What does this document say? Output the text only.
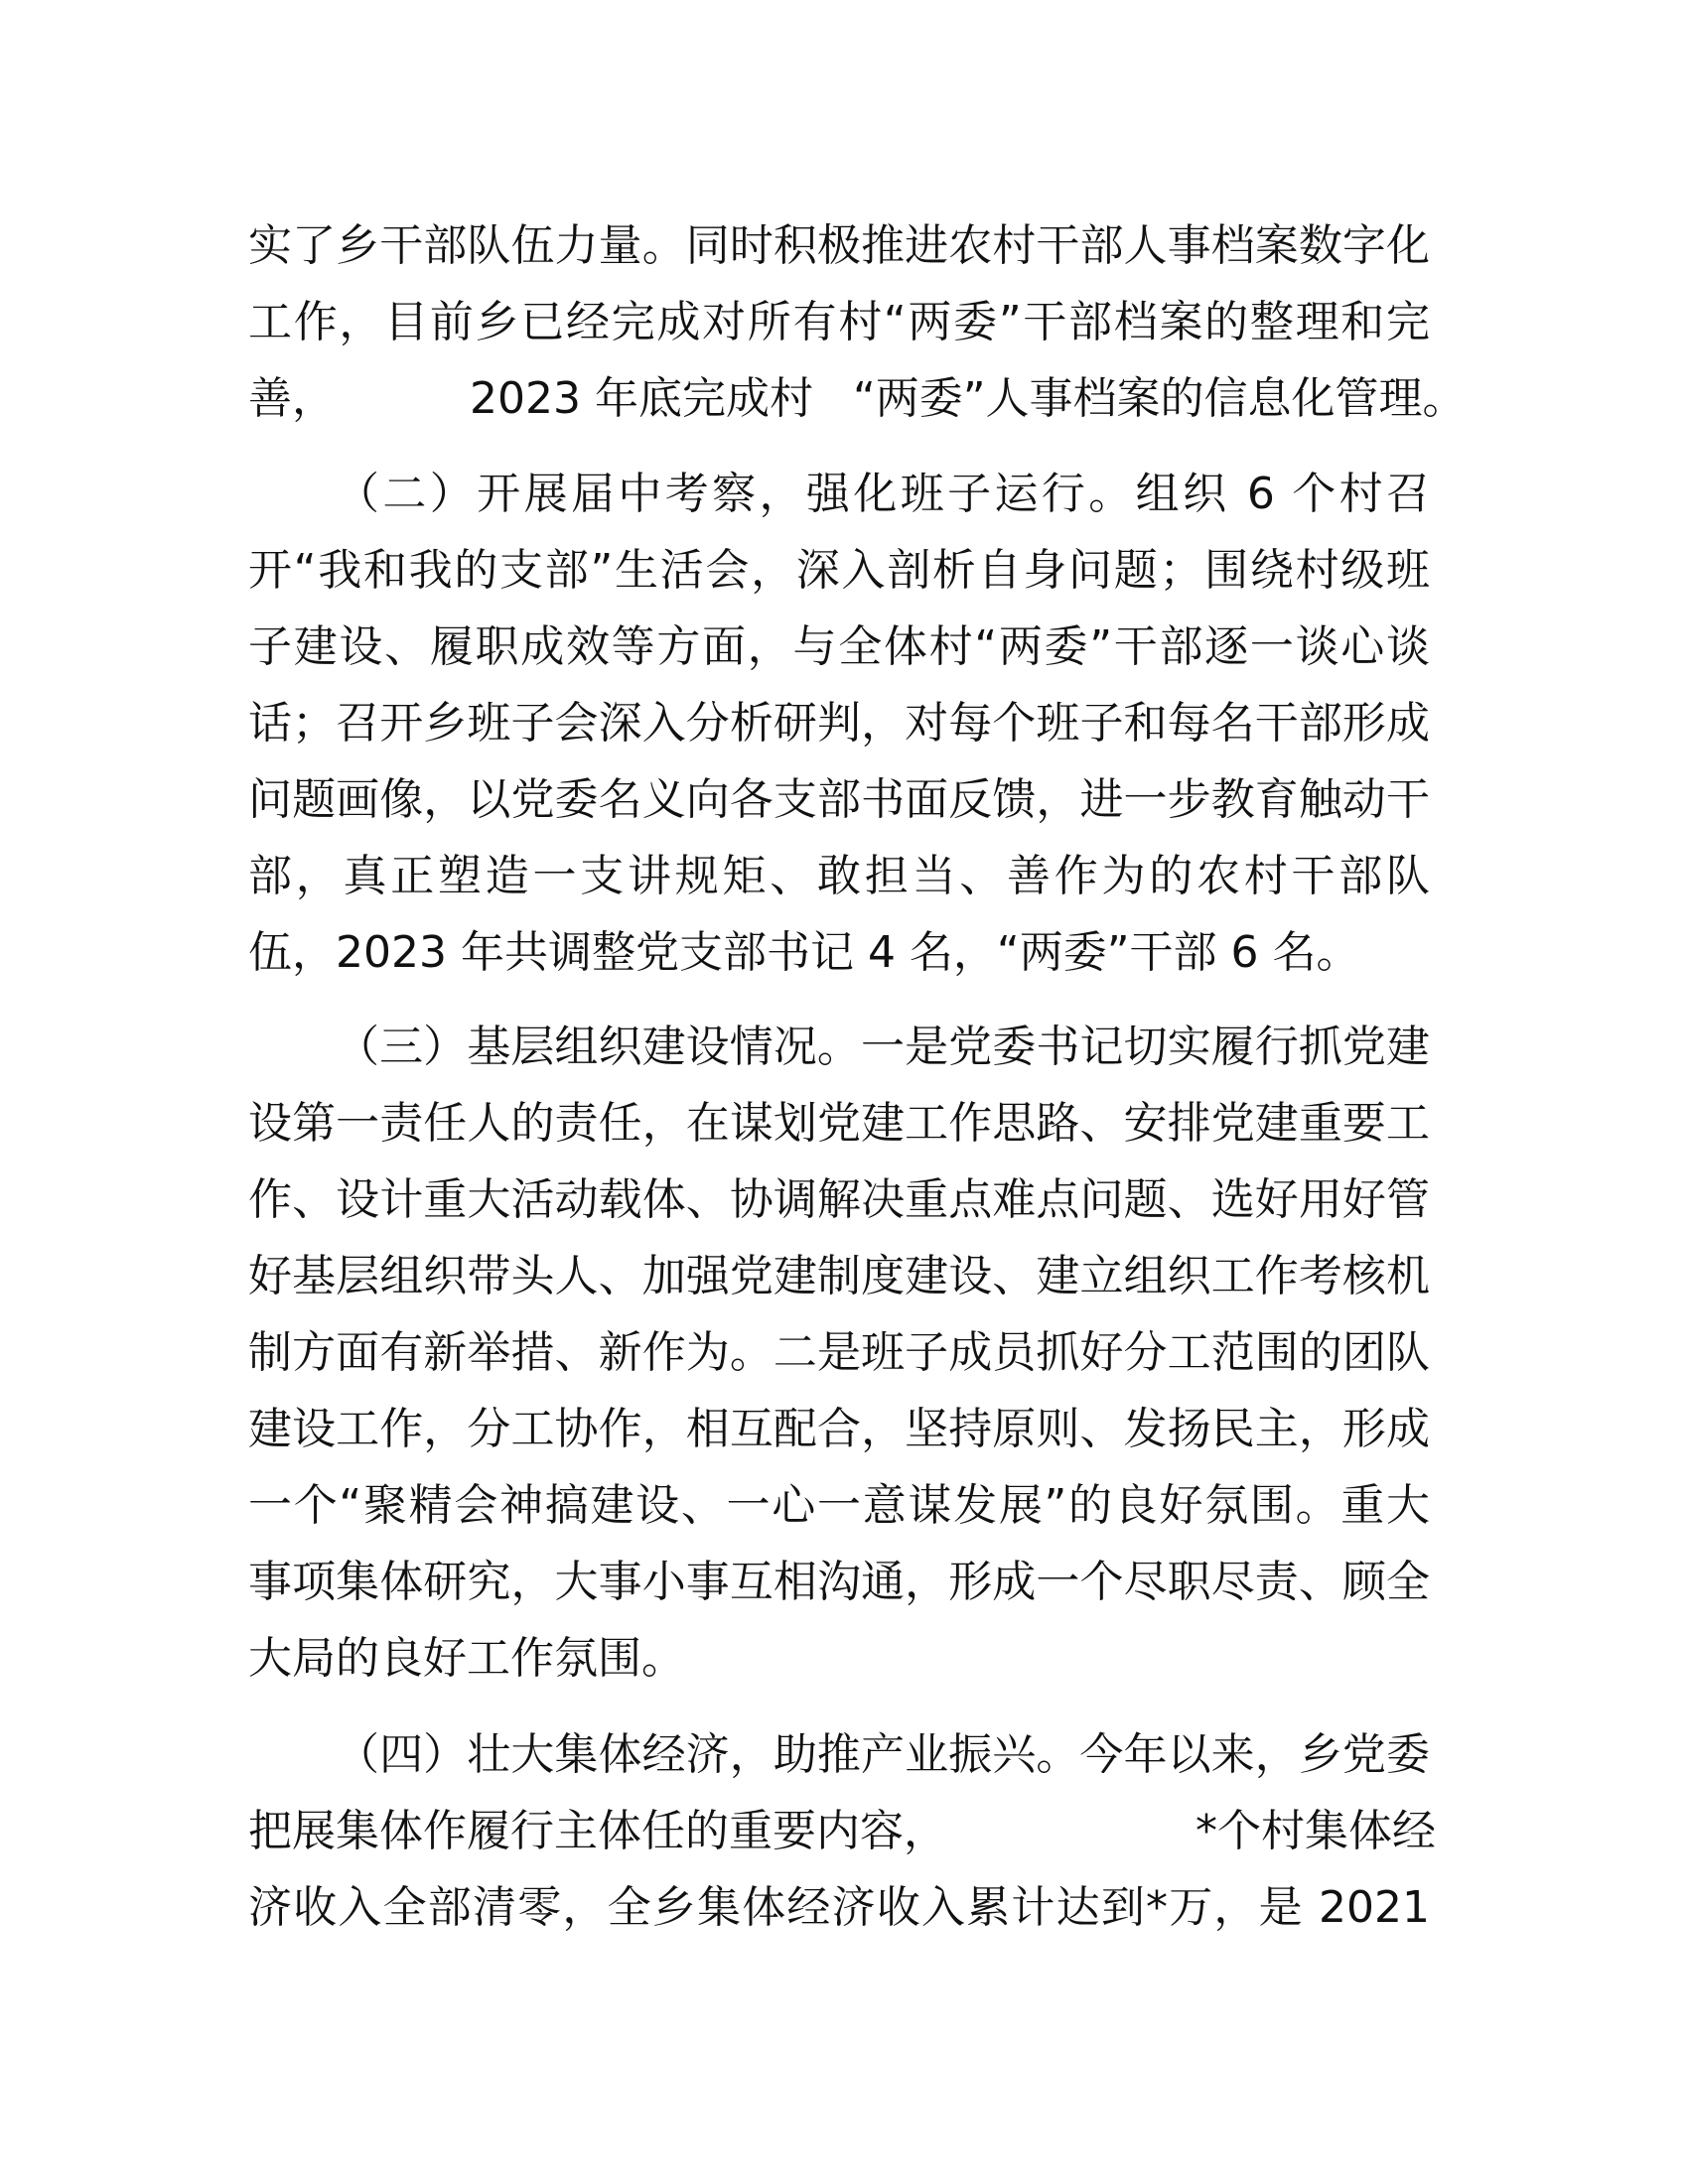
实了乡干部队伍力量。同时积极推进农村干部人事档案数字化
工作，目前乡已经完成对所有村“两委”干部档案的整理和完
善，	2023 年底完成村 “两委”人事档案的信息化管理。
（二）开展届中考察，强化班子运行。组织 6 个村召
开“我和我的支部”生活会，深入剖析自身问题；围绕村级班
子建设、履职成效等方面，与全体村“两委”干部逐一谈心谈
话；召开乡班子会深入分析研判，对每个班子和每名干部形成
问题画像，以党委名义向各支部书面反馈，进一步教育触动干
部，真正塑造一支讲规矩、敢担当、善作为的农村干部队
伍，2023 年共调整党支部书记 4 名，“两委”干部 6 名。
（三）基层组织建设情况。一是党委书记切实履行抓党建
设第一责任人的责任，在谋划党建工作思路、安排党建重要工
作、设计重大活动载体、协调解决重点难点问题、选好用好管
好基层组织带头人、加强党建制度建设、建立组织工作考核机
制方面有新举措、新作为。二是班子成员抓好分工范围的团队
建设工作，分工协作，相互配合，坚持原则、发扬民主，形成
一个“聚精会神搞建设、一心一意谋发展”的良好氛围。重大
事项集体研究，大事小事互相沟通，形成一个尽职尽责、顾全
大局的良好工作氛围。
（四）壮大集体经济，助推产业振兴。今年以来，乡党委
把展集体作履行主体任的重要内容，	*个村集体经
济收入全部清零，全乡集体经济收入累计达到*万，是 2021
